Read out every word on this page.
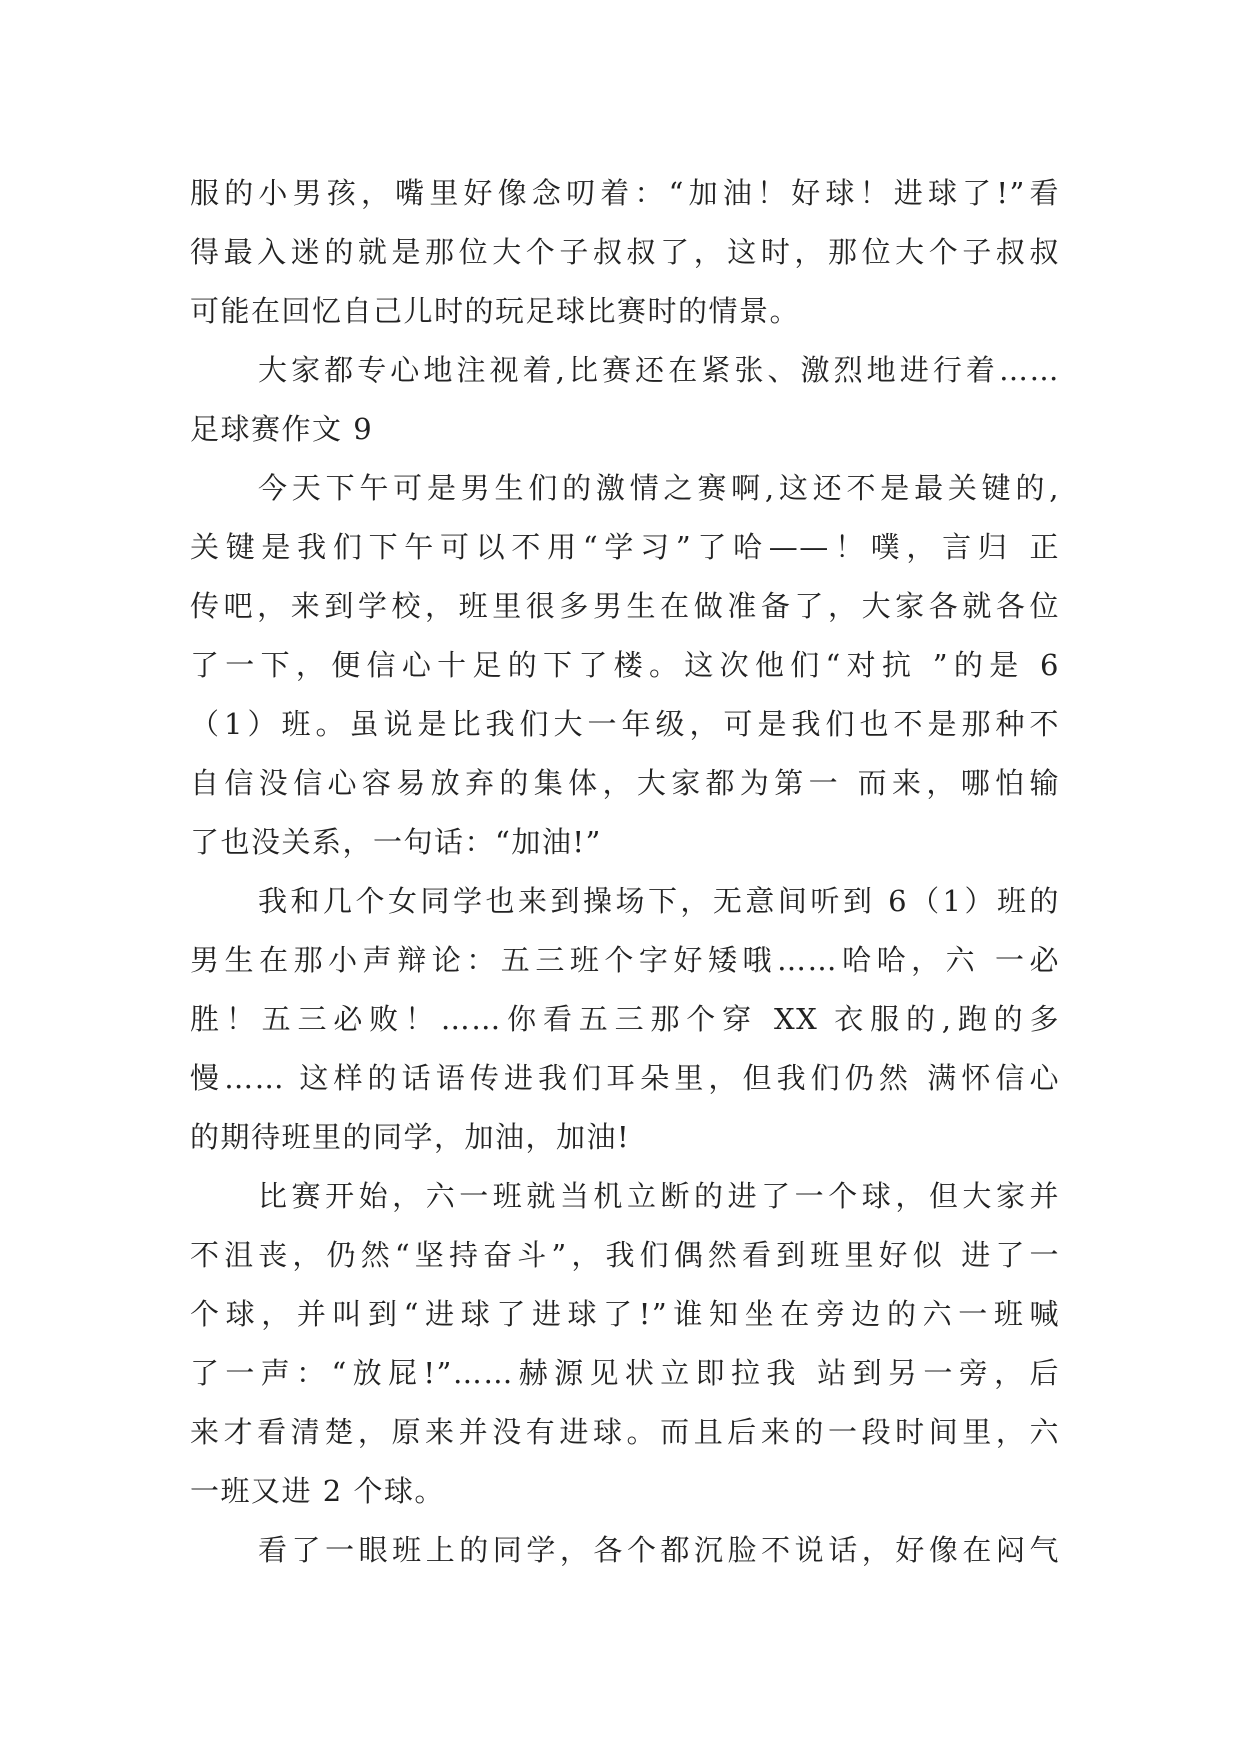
服的小男孩，嘴里好像念叨着：“加油！好球！进球了!”看
得最入迷的就是那位大个子叔叔了，这时，那位大个子叔叔
可能在回忆自己儿时的玩足球比赛时的情景。
大家都专心地注视着,比赛还在紧张、激烈地进行着……
足球赛作文 9
今天下午可是男生们的激情之赛啊,这还不是最关键的,
关键是我们下午可以不用“学习”了哈——！噗，言归 正
传吧，来到学校，班里很多男生在做准备了，大家各就各位
了一下，便信心十足的下了楼。这次他们“对抗 ”的是 6
（1）班。虽说是比我们大一年级，可是我们也不是那种不
自信没信心容易放弃的集体，大家都为第一 而来，哪怕输
了也没关系，一句话：“加油!”
我和几个女同学也来到操场下，无意间听到 6（1）班的
男生在那小声辩论：五三班个字好矮哦……哈哈，六 一必
胜！五三必败！……你看五三那个穿 XX 衣服的,跑的多
慢…… 这样的话语传进我们耳朵里，但我们仍然 满怀信心
的期待班里的同学，加油，加油!
比赛开始，六一班就当机立断的进了一个球，但大家并
不沮丧，仍然“坚持奋斗”，我们偶然看到班里好似 进了一
个球，并叫到“进球了进球了!”谁知坐在旁边的六一班喊
了一声：“放屁!”……赫源见状立即拉我 站到另一旁，后
来才看清楚，原来并没有进球。而且后来的一段时间里，六
一班又进 2 个球。
看了一眼班上的同学，各个都沉脸不说话，好像在闷气
